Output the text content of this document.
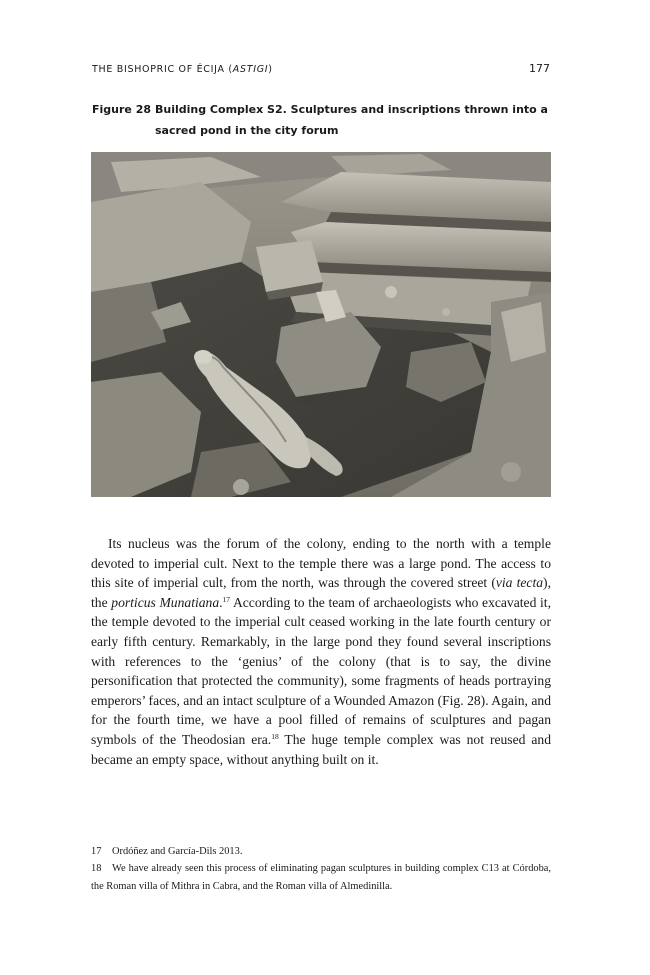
THE BISHOPRIC OF ÉCIJA (ASTIGI)	177
Figure 28 Building Complex S2. Sculptures and inscriptions thrown into a sacred pond in the city forum

Its nucleus was the forum of the colony, ending to the north with a temple devoted to imperial cult. Next to the temple there was a large pond. The access to this site of imperial cult, from the north, was through the covered street (via tecta), the porticus Munatiana.$^{17}$ According to the team of archaeologists who excavated it, the temple devoted to the imperial cult ceased working in the late fourth century or early fifth century. Remarkably, in the large pond they found several inscriptions with references to the ‘genius’ of the colony (that is to say, the divine personification that protected the community), some fragments of heads portraying emperors’ faces, and an intact sculpture of a Wounded Amazon (Fig. 28). Again, and for the fourth time, we have a pool filled of remains of sculptures and pagan symbols of the Theodosian era.$^{18}$ The huge temple complex was not reused and became an empty space, without anything built on it.

17 Ordóñez and García-Dils 2013.

18 We have already seen this process of eliminating pagan sculptures in building complex C13 at Córdoba, the Roman villa of Mithra in Cabra, and the Roman villa of Almedinilla.
